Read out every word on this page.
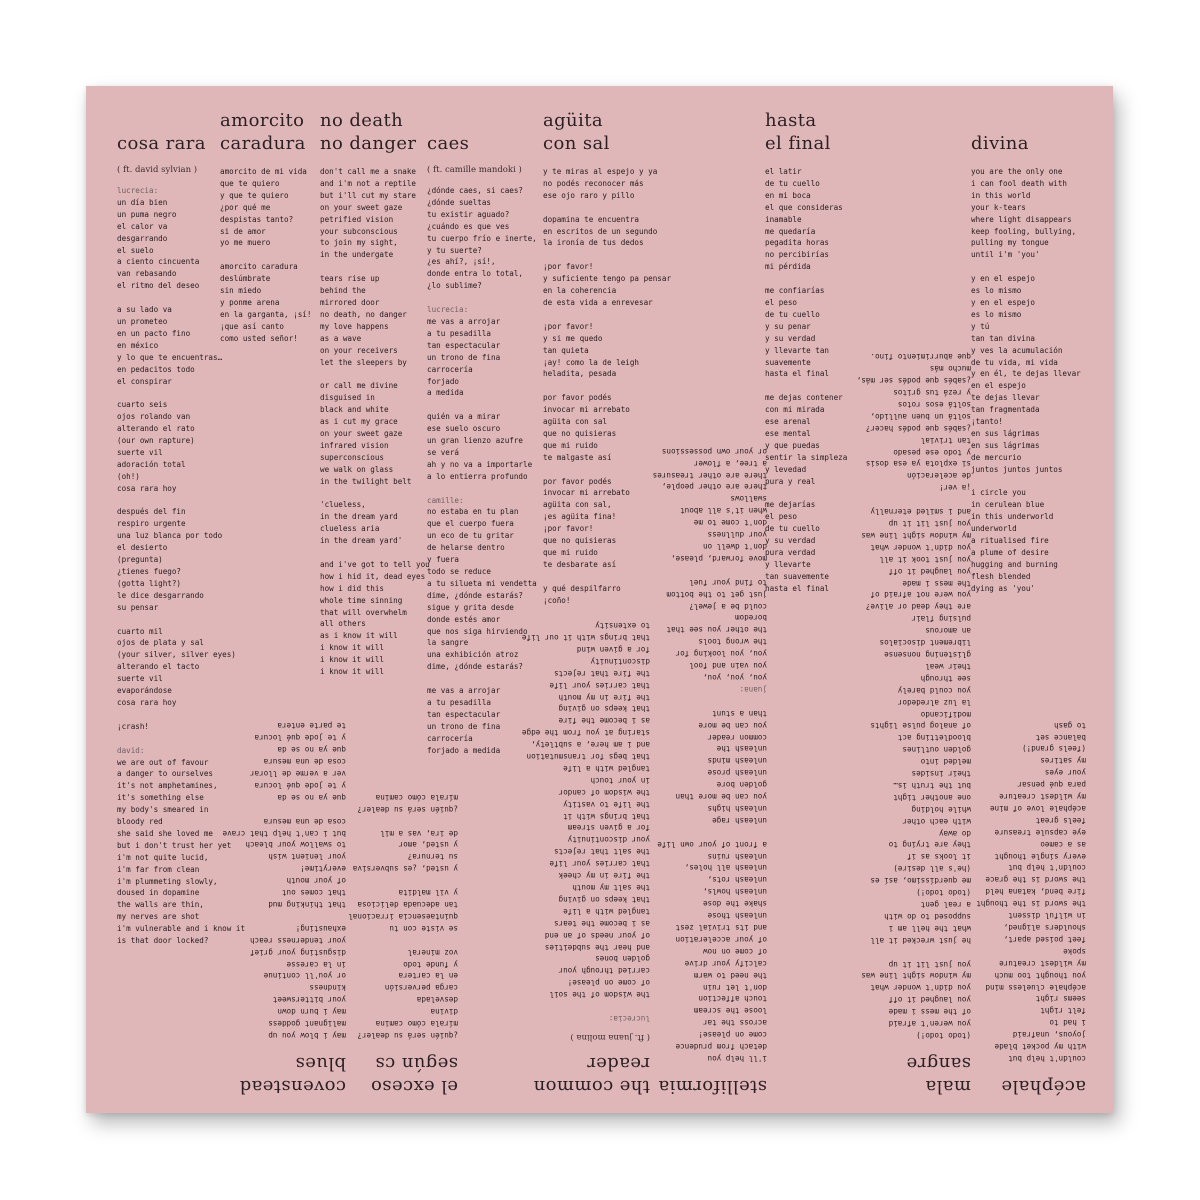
cosa rara
( ft. david sylvian )
lucrecia:
un día bien
un puma negro
el calor va
desgarrando
el suelo
a ciento cincuenta
van rebasando
el ritmo del deseo

a su lado va
un prometeo
en un pacto fino
en méxico
y lo que te encuentras…
en pedacitos todo
el conspirar

cuarto seis
ojos rolando van
alterando el rato
(our own rapture)
suerte vil
adoración total
(oh!)
cosa rara hoy

después del fin
respiro urgente
una luz blanca por todo
el desierto
(pregunta)
¿tienes fuego?
(gotta light?)
le dice desgarrando
su pensar

cuarto mil
ojos de plata y sal
(your silver, silver eyes)
alterando el tacto
suerte vil
evaporándose
cosa rara hoy

¡crash!

david:
we are out of favour
a danger to ourselves
it's not amphetamines,
it's something else
my body's smeared in
bloody red
she said she loved me
but i don't trust her yet
i'm not quite lucid,
i'm far from clean
i'm plummeting slowly,
doused in dopamine
the walls are thin,
my nerves are shot
i'm vulnerable and i know it
is that door locked?
amorcito
caradura
amorcito de mi vida
que te quiero
y que te quiero
¿por qué me
despistas tanto?
si de amor
yo me muero

amorcito caradura
deslúmbrate
sin miedo
y ponme arena
en la garganta, ¡sí!
¡que así canto
como usted señor!
no death
no danger
don't call me a snake
and i'm not a reptile
but i'll cut my stare
on your sweet gaze
petrified vision
your subconscious
to join my sight,
in the undergate

tears rise up
behind the
mirrored door
no death, no danger
my love happens
as a wave
on your receivers
let the sleepers by

or call me divine
disguised in
black and white
as i cut my grace
on your sweet gaze
infrared vision
superconscious
we walk on glass
in the twilight belt

'clueless,
in the dream yard
clueless aria
in the dream yard'

and i've got to tell you
how i hid it, dead eyes
how i did this
whole time sinning
that will overwhelm
all others
as i know it will
i know it will
i know it will
i know it will

caes
( ft. camille mandoki )
¿dónde caes, si caes?
¿dónde sueltas
tu existir aguado?
¿cuándo es que ves
tu cuerpo frío e inerte,
y tu suerte?
¿es ahí?, ¡sí!,
donde entra lo total,
¿lo sublime?

lucrecia:
me vas a arrojar
a tu pesadilla
tan espectacular
un trono de fina
carrocería
forjado
a medida

quién va a mirar
ese suelo oscuro
un gran lienzo azufre
se verá
ah y no va a importarle
a lo entierra profundo

camille:
no estaba en tu plan
que el cuerpo fuera
un eco de tu gritar
de helarse dentro
y fuera
todo se reduce
a tu silueta mi vendetta
dime, ¿dónde estarás?
sigue y grita desde
donde estés amor
que nos siga hirviendo
la sangre
una exhibición atroz
dime, ¿dónde estarás?

me vas a arrojar
a tu pesadilla
tan espectacular
un trono de fina
carrocería
forjado a medida
agüita
con sal
y te miras al espejo y ya
no podés reconocer más
ese ojo raro y pillo

dopamina te encuentra
en escritos de un segundo
la ironía de tus dedos

¡por favor!
y suficiente tengo pa pensar
en la coherencia
de esta vida a enrevesar

¡por favor!
y si me quedo
tan quieta
¡ay! como la de leigh
heladita, pesada

por favor podés
invocar mi arrebato
agüita con sal
que no quisieras
que mi ruido
te malgaste así

por favor podés
invocar mi arrebato
agüita con sal,
¡es agüita fina!
¡por favor!
que no quisieras
que mi ruido
te desbarate así

y qué despilfarro
¡coño!
hasta
el final
el latir
de tu cuello
en mi boca
el que consideras
inamable
me quedaría
pegadita horas
no percibirías
mi pérdida

me confiarías
el peso
de tu cuello
y su penar
y su verdad
y llevarte tan
suavemente
hasta el final

me dejas contener
con mi mirada
ese arenal
ese mental
y que puedas
sentir la simpleza
y levedad
pura y real

me dejarías
el peso
de tu cuello
y su verdad
pura verdad
y llevarte
tan suavemente
hasta el final

divina
you are the only one
i can fool death with
in this world
your k-tears
where light disappears
keep fooling, bullying,
pulling my tongue
until i'm 'you'

y en el espejo
es lo mismo
y en el espejo
es lo mismo
y tú
tan tan divina
y ves la acumulación
de tu vida, mi vida
y en él, te dejas llevar
en el espejo
te dejas llevar
tan fragmentada
¡tanto!
en sus lágrimas
en sus lágrimas
de mercurio
juntos juntos juntos

i circle you
in cerulean blue
in this underworld
underworld
a ritualised fire
a plume of desire
hugging and burning
flesh blended
dying as 'you'
covenstead
blues
may i blow you up
malignant goddess
may i burn down
your bittersweet
kindness
or you'll continue
in la caresse
disgusting your grief
your tenderness reach
exhausting!

that thinking mud
that comes out
of your mouth
everytime!
your lenient wish
to swallow your bleach
but i can't help that crave
cosa de una mesura

que ya no se da
y te jode qué locura
ver a verme de llorar
cosa de una mesura
que ya no se da
y te jode qué locura
te parte entera
el exceso
según cs
¿quién será su dealer?
mírala cómo camina
divina
desvelada
carga perversión
en la cartera
y funde todo
voz mineral

se viste con tu
quintaesencia irracional
tan adecuada deliciosa
y vil maldita

y usted, ¿es subversiva
su ternura?
y usted, amor
de ira, vas a mil

¿quién será su dealer?
mírala cómo camina
the common
reader
( ft. juana molina )
lucrecia:

the wisdom of the soil
of come on please!
carried through your
golden bones
and hear the subdeities
of your needs of an end
as i become the tears
tangled with a life
that keeps on giving
the salt my mouth
the fire in my cheek
that carries your life
the salt that rejects
your discontinuity
for a given stream
that brings with it
the life to vastity
the wisdom of candor
in your touch
tangled with a life
that begs for transmutation
and i am here, a subtlety,
staring at you from the edge
as i become the fire
that keeps on giving
the fire in my mouth
that carries your life
the fire that rejects
discontinuity
for a given wind
that brings with it our life
to extensity
stelliformia
i'll help you
detach from prudence
come on please!
across the tar
loose the scream
touch affection
don't let ruin
the need to warm
calcify your drive
of come on now
of your acceleration
and its trivial zest
unleash those
shake the dose
unleash howls,
unleash rots,
unleash all holes,
unleash ruins
a front of your own life

unleash rage
unleash highs
you can be more than
golden bore
unleash prose
unleash minds
unleash the
common reader
you can be more
than a stunt

juana:
you, you, you,
you vain and fool
you, you looking for
the wrong tools
the other you see that
boredom
could be a jewel?
just get to the bottom
to find your fuel

move forward, please,
don't dwell on
your dullness
don't come to me
when it's all about
swallows
there are other people,
there are other treasures
a tree, a flower
or your own possessions
mala
sangre
(todo todo!)
you weren't afraid
of the mess i made
you laughed it off
you didn't wonder what
my window sight line was
you just lit it up

he just wrecked it all
what the hell am i
supposed to do with
a real gent
(todo todo!)
me querdíssimo, así es
(he's all desire)
it looks as if
they are trying to
do away
with each other
while holding
one another tight
but the truth is…
their insides
melded into
golden outlines
bloodletting act
of analog pulse lights
modificando
la luz alrededor
you could barely
see through
their weal
glistening nonsense
librement disocialos
an amorous
pulsing flair
are they dead or alive?
you were not afraid of
the mess i made
you laughed it off
you just took it all
you didn't wonder what
my window sight line was
you just lit it up
and i smiled eternally

¡a ver!
de aceleración
si explota ya esa dosis
y todo ese pesado
tan trivial
¿sabés que podés hacer?
soltá un buen aullido,
soltá esos rotos
y rezá tus gritos
¿sabés que podés ser más,
mucho más
que aburrimiento fino.
acéphale
couldn't help but
with my pocket blade
joyous, unafraid
i had to
felt right
seems right
acéphale clueless mind
you thought too much
my wildest creature
spoke
feet poised apart,
shoulders aligned,
in wilful dissent
the sword is the thought
fire bend, katana held
the sword is the grace
couldn't help but
every single thought
as a cameo
eye capsule treasure
feels great
acéphale love of mine
my wildest creature
para qué pensar
your eyes
my satires
(feels grand!)
balance set
to gash
